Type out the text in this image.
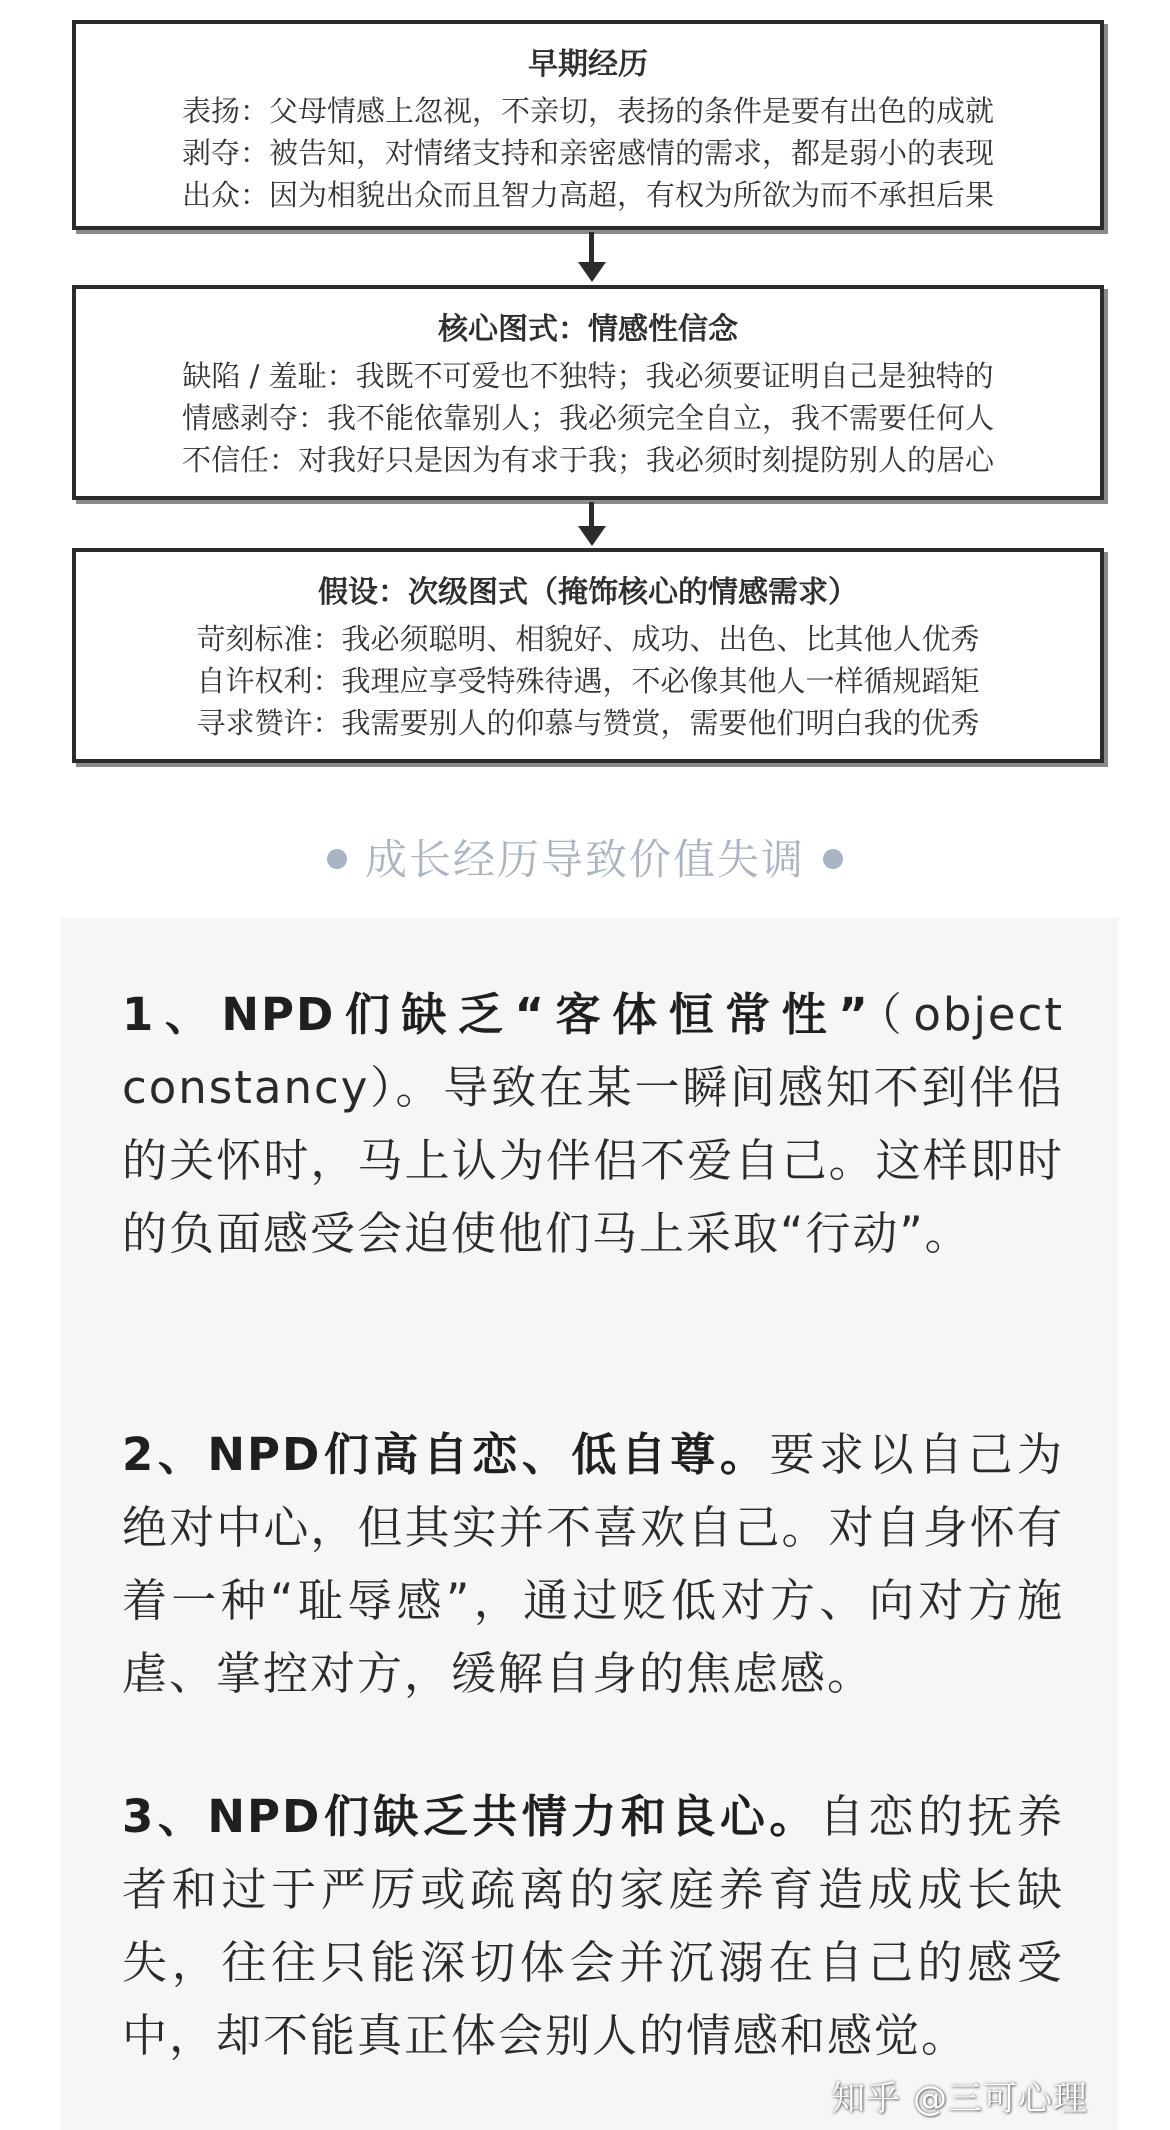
早期经历
表扬：父母情感上忽视，不亲切，表扬的条件是要有出色的成就
剥夺：被告知，对情绪支持和亲密感情的需求，都是弱小的表现
出众：因为相貌出众而且智力高超，有权为所欲为而不承担后果
核心图式：情感性信念
缺陷 / 羞耻：我既不可爱也不独特；我必须要证明自己是独特的
情感剥夺：我不能依靠别人；我必须完全自立，我不需要任何人
不信任：对我好只是因为有求于我；我必须时刻提防别人的居心
假设：次级图式（掩饰核心的情感需求）
苛刻标准：我必须聪明、相貌好、成功、出色、比其他人优秀
自许权利：我理应享受特殊待遇，不必像其他人一样循规蹈矩
寻求赞许：我需要别人的仰慕与赞赏，需要他们明白我的优秀
成长经历导致价值失调
1、NPD们缺乏“客体恒常性”（object constancy）。导致在某一瞬间感知不到伴侣的关怀时，马上认为伴侣不爱自己。这样即时的负面感受会迫使他们马上采取“行动”。
2、NPD们高自恋、低自尊。要求以自己为绝对中心，但其实并不喜欢自己。对自身怀有着一种“耻辱感”，通过贬低对方、向对方施虐、掌控对方，缓解自身的焦虑感。
3、NPD们缺乏共情力和良心。自恋的抚养者和过于严厉或疏离的家庭养育造成成长缺失，往往只能深切体会并沉溺在自己的感受中，却不能真正体会别人的情感和感觉。
知乎 @三可心理
